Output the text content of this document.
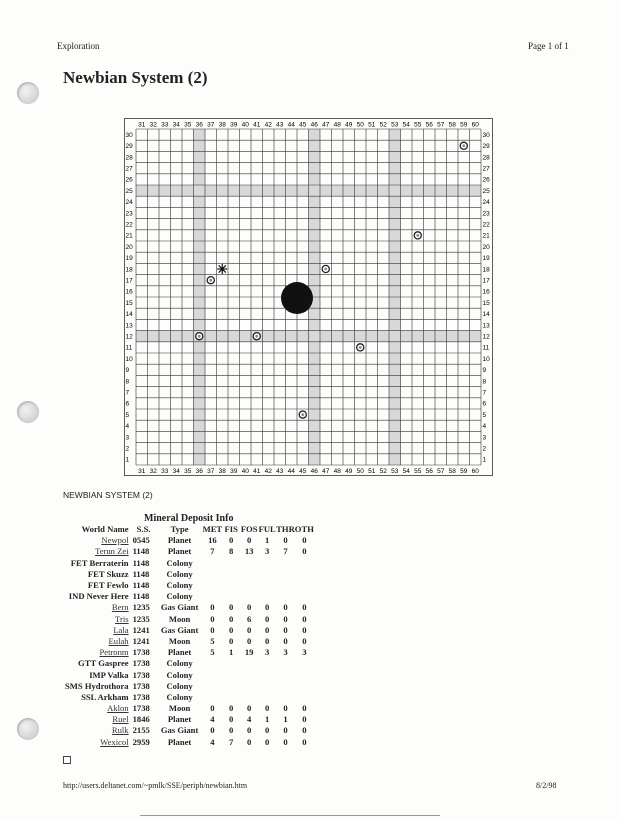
Exploration	Page 1 of 1
Newbian System (2)
31
31
32
32
33
33
34
34
35
35
36
36
37
37
38
38
39
39
40
40
41
41
42
42
43
43
44
44
45
45
46
46
47
47
48
48
49
49
50
50
51
51
52
52
53
53
54
54
55
55
56
56
57
57
58
58
59
59
60
60
30	30
29	29
28	28
27	27
26	26
25	25
24	24
23	23
22	22
21	21
20	20
19	19
18	18
17	17
16	16
15	15
14	14
13	13
12	12
11	11
10	10
9	9
8	8
7	7
6	6
5	5
4	4
3	3
2	2
1	1
NEWBIAN SYSTEM (2)
Mineral Deposit Info
World Name	S.S.	Type	MET	FIS	FOS	FUL	THR	OTH
Newpol	0545	Planet	16	0	0	1	0	0
Terun Zei	1148	Planet	7	8	13	3	7	0
FET Berraterin	1148	Colony						
FET Skuzz	1148	Colony						
FET Fewlo	1148	Colony						
IND Never Here	1148	Colony						
Bern	1235	Gas Giant	0	0	0	0	0	0
Tris	1235	Moon	0	0	6	0	0	0
Lala	1241	Gas Giant	0	0	0	0	0	0
Eulah	1241	Moon	5	0	0	0	0	0
Petronm	1738	Planet	5	1	19	3	3	3
GTT Gaspree	1738	Colony						
IMP Valka	1738	Colony						
SMS Hydrothora	1738	Colony						
SSL Arkham	1738	Colony						
Aklon	1738	Moon	0	0	0	0	0	0
Ruel	1846	Planet	4	0	4	1	1	0
Rulk	2155	Gas Giant	0	0	0	0	0	0
Wexicol	2959	Planet	4	7	0	0	0	0
http://users.deltanet.com/~pmlk/SSE/periph/newbian.htm	8/2/98
